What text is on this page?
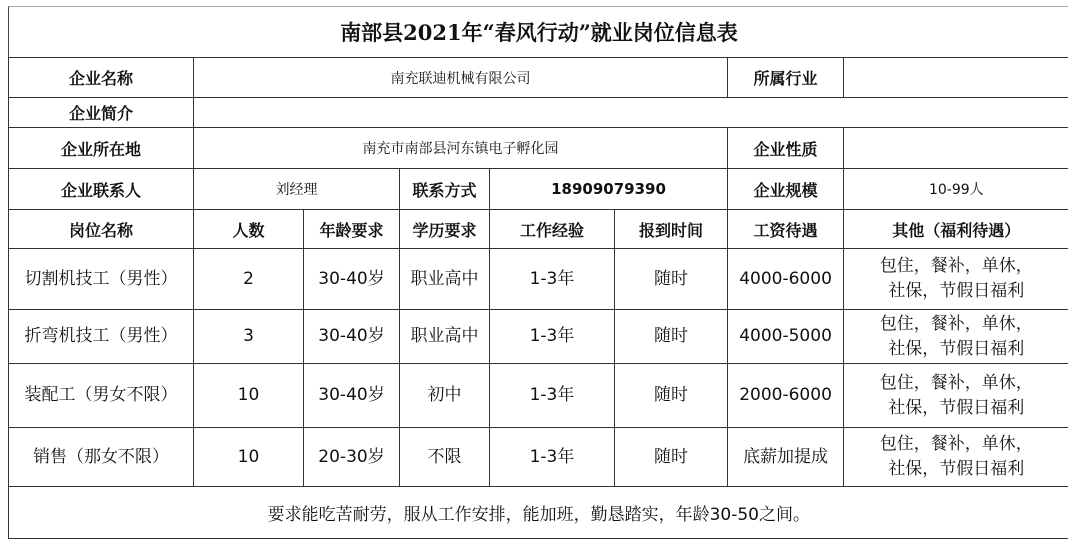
南部县2021年“春风行动”就业岗位信息表
企业名称	南充联迪机械有限公司					所属行业	
企业简介							
企业所在地	南充市南部县河东镇电子孵化园					企业性质	
企业联系人	刘经理		联系方式	18909079390		企业规模	10-99人
岗位名称	人数	年龄要求	学历要求	工作经验	报到时间	工资待遇	其他（福利待遇）
切割机技工（男性）	2	30-40岁	职业高中	1-3年	随时	4000-6000	包住，餐补，单休，
社保，节假日福利
折弯机技工（男性）	3	30-40岁	职业高中	1-3年	随时	4000-5000	包住，餐补，单休，
社保，节假日福利
装配工（男女不限）	10	30-40岁	初中	1-3年	随时	2000-6000	包住，餐补，单休，
社保，节假日福利
销售（那女不限）	10	20-30岁	不限	1-3年	随时	底薪加提成	包住，餐补，单休，
社保，节假日福利
要求能吃苦耐劳，服从工作安排，能加班，勤恳踏实，年龄30-50之间。							
